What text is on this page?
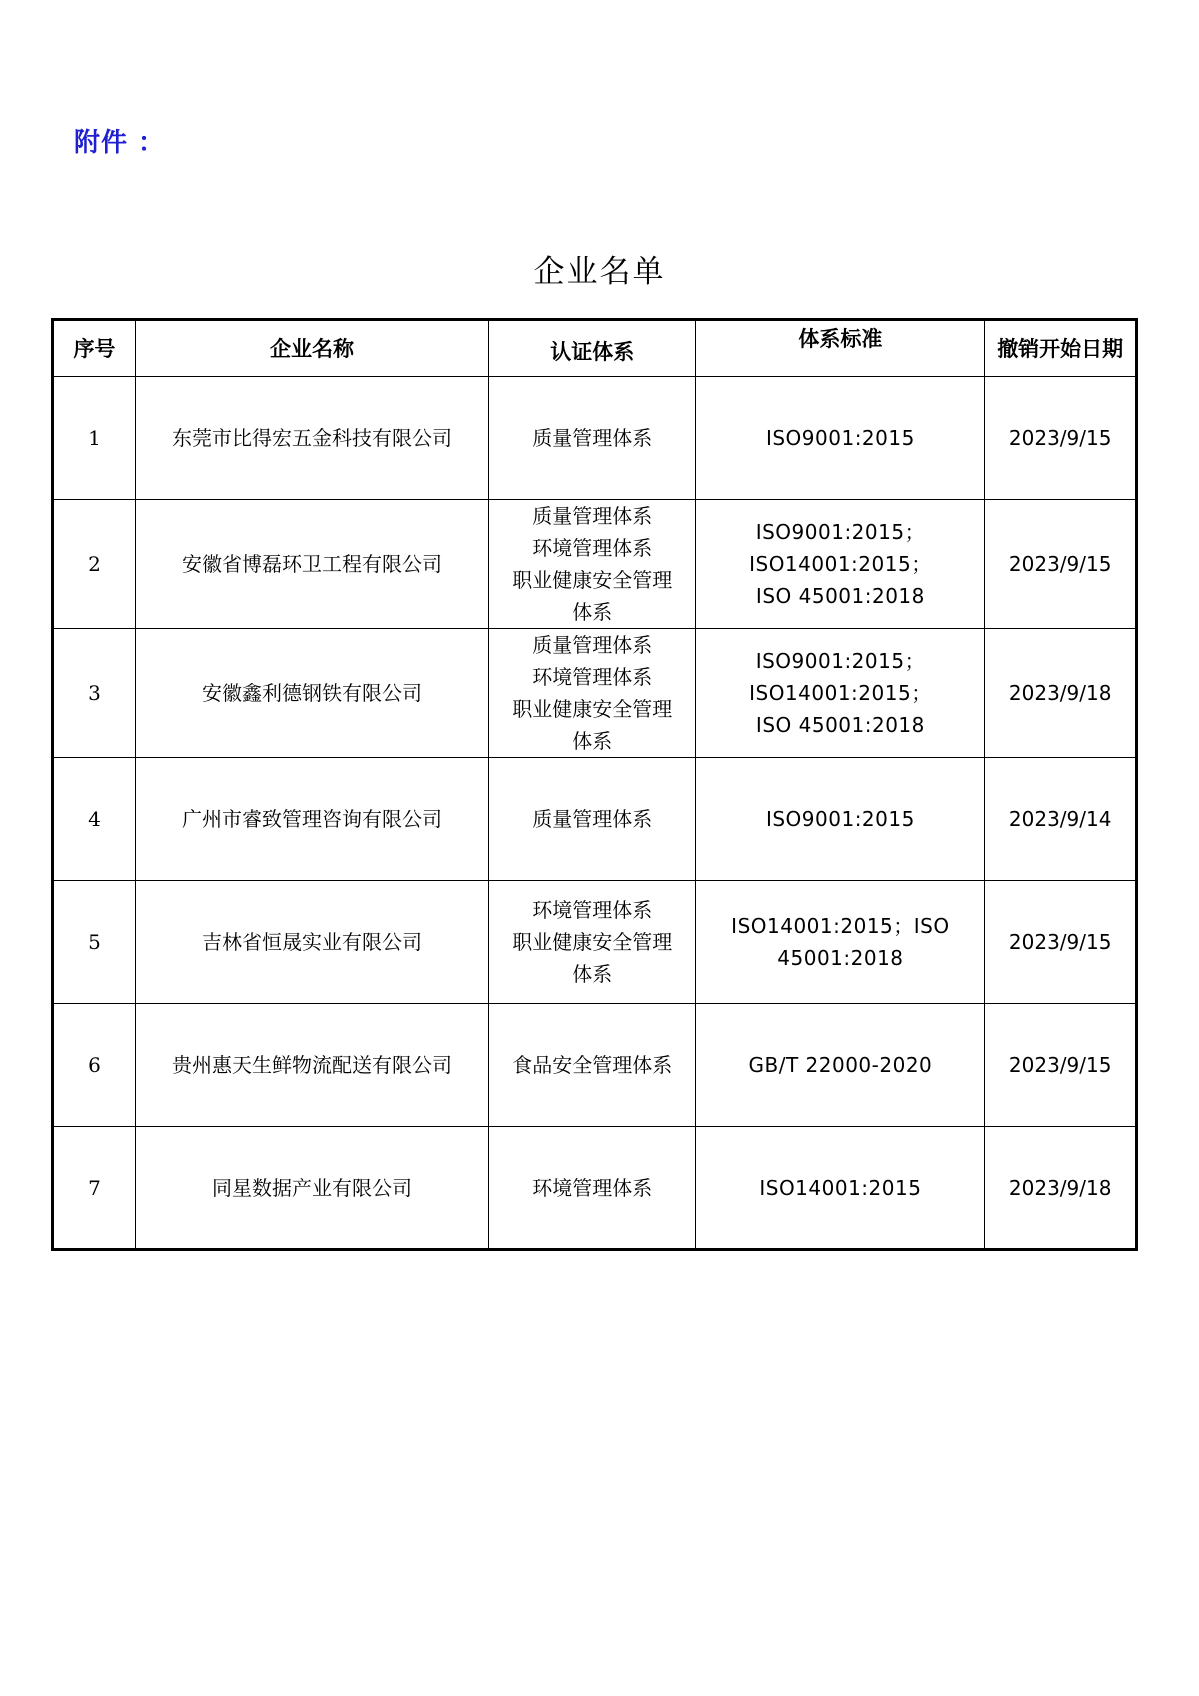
附件 ：
企业名单
序号	企业名称	认证体系	体系标准	撤销开始日期
1	东莞市比得宏五金科技有限公司	质量管理体系	ISO9001:2015	2023/9/15
2	安徽省博磊环卫工程有限公司	质量管理体系
环境管理体系
职业健康安全管理
体系	ISO9001:2015；
ISO14001:2015；
ISO 45001:2018	2023/9/15
3	安徽鑫利德钢铁有限公司	质量管理体系
环境管理体系
职业健康安全管理
体系	ISO9001:2015；
ISO14001:2015；
ISO 45001:2018	2023/9/18
4	广州市睿致管理咨询有限公司	质量管理体系	ISO9001:2015	2023/9/14
5	吉林省恒晟实业有限公司	环境管理体系
职业健康安全管理
体系	ISO14001:2015；ISO
45001:2018	2023/9/15
6	贵州惠天生鲜物流配送有限公司	食品安全管理体系	GB/T 22000-2020	2023/9/15
7	同星数据产业有限公司	环境管理体系	ISO14001:2015	2023/9/18
